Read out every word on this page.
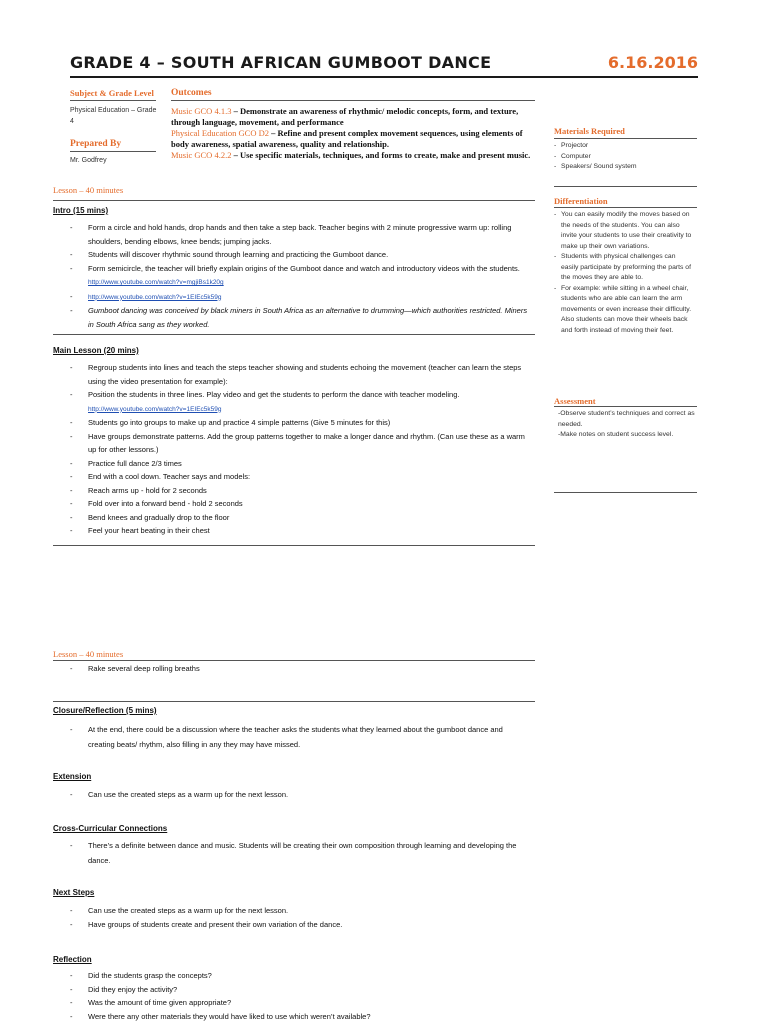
GRADE 4 – SOUTH AFRICAN GUMBOOT DANCE	6.16.2016
Subject & Grade Level
Physical Education – Grade 4
Prepared By
Mr. Godfrey
Outcomes
Music GCO 4.1.3 – Demonstrate an awareness of rhythmic/ melodic concepts, form, and texture, through language, movement, and performance
Physical Education GCO D2 – Refine and present complex movement sequences, using elements of body awareness, spatial awareness, quality and relationship.
Music GCO 4.2.2 – Use specific materials, techniques, and forms to create, make and present music.
Lesson – 40 minutes
Intro (15 mins)
- Form a circle and hold hands, drop hands and then take a step back. Teacher begins with 2 minute progressive warm up: rolling shoulders, bending elbows, knee bends; jumping jacks.
- Students will discover rhythmic sound through learning and practicing the Gumboot dance.
- Form semicircle, the teacher will briefly explain origins of the Gumboot dance and watch and introductory videos with the students. http://www.youtube.com/watch?v=mgjiBs1k20g
- http://www.youtube.com/watch?v=1EIEc5k59g
- Gumboot dancing was conceived by black miners in South Africa as an alternative to drumming—which authorities restricted. Miners in South Africa sang as they worked.
Main Lesson (20 mins)
- Regroup students into lines and teach the steps teacher showing and students echoing the movement (teacher can learn the steps using the video presentation for example):
- Position the students in three lines. Play video and get the students to perform the dance with teacher modeling.
http://www.youtube.com/watch?v=1EIEc5k59g
- Students go into groups to make up and practice 4 simple patterns (Give 5 minutes for this)
- Have groups demonstrate patterns. Add the group patterns together to make a longer dance and rhythm. (Can use these as a warm up for other lessons.)
- Practice full dance 2/3 times
- End with a cool down. Teacher says and models:
- Reach arms up - hold for 2 seconds
- Fold over into a forward bend - hold 2 seconds
- Bend knees and gradually drop to the floor
- Feel your heart beating in their chest
Materials Required
- Projector
- Computer
- Speakers/ Sound system
Differentiation
- You can easily modify the moves based on the needs of the students. You can also invite your students to use their creativity to make up their own variations.
- Students with physical challenges can easily participate by preforming the parts of the moves they are able to.
- For example: while sitting in a wheel chair, students who are able can learn the arm movements or even increase their difficulty. Also students can move their wheels back and forth instead of moving their feet.
Assessment
-Observe student’s techniques and correct as needed.
-Make notes on student success level.
Lesson – 40 minutes
- Rake several deep rolling breaths
Closure/Reflection (5 mins)
- At the end, there could be a discussion where the teacher asks the students what they learned about the gumboot dance and creating beats/ rhythm, also filling in any they may have missed.
Extension
- Can use the created steps as a warm up for the next lesson.
Cross-Curricular Connections
- There’s a definite between dance and music. Students will be creating their own composition through learning and developing the dance.
Next Steps
- Can use the created steps as a warm up for the next lesson.
- Have groups of students create and present their own variation of the dance.
Reflection
- Did the students grasp the concepts?
- Did they enjoy the activity?
- Was the amount of time given appropriate?
- Were there any other materials they would have liked to use which weren’t available?
